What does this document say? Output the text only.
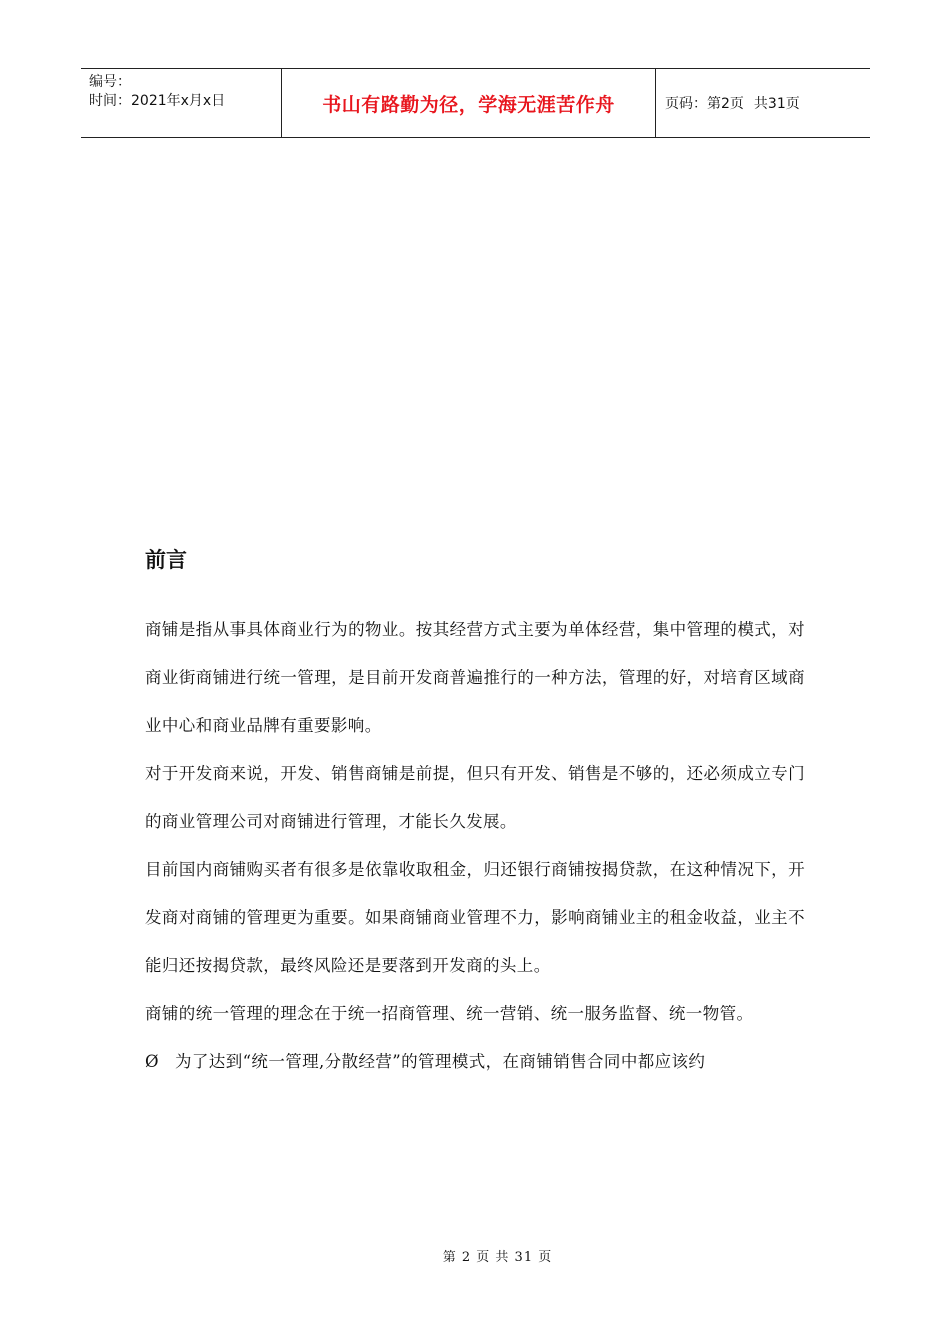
编号：
时间：2021年x月x日	书山有路勤为径，学海无涯苦作舟	页码：第2页 共31页
前言

商铺是指从事具体商业行为的物业。按其经营方式主要为单体经营，集中管理的模式，对商业街商铺进行统一管理，是目前开发商普遍推行的一种方法，管理的好，对培育区域商业中心和商业品牌有重要影响。

对于开发商来说，开发、销售商铺是前提，但只有开发、销售是不够的，还必须成立专门的商业管理公司对商铺进行管理，才能长久发展。

目前国内商铺购买者有很多是依靠收取租金，归还银行商铺按揭贷款，在这种情况下，开发商对商铺的管理更为重要。如果商铺商业管理不力，影响商铺业主的租金收益，业主不能归还按揭贷款，最终风险还是要落到开发商的头上。

商铺的统一管理的理念在于统一招商管理、统一营销、统一服务监督、统一物管。

Ø 为了达到“统一管理,分散经营”的管理模式，在商铺销售合同中都应该约
第 2 页 共 31 页
